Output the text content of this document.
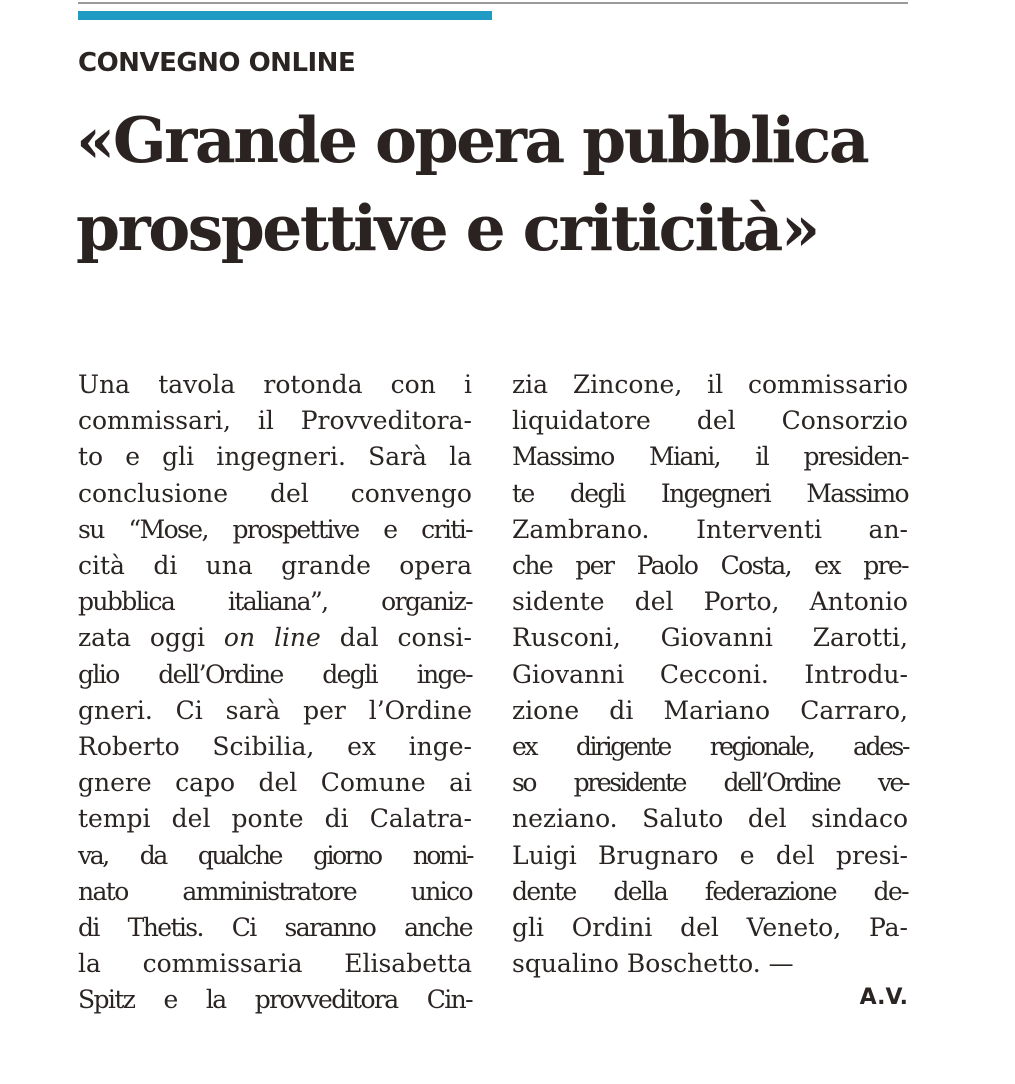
CONVEGNO ONLINE
«Grande opera pubblica
prospettive e criticità»
Una tavola rotonda con i
commissari, il Provveditora-
to e gli ingegneri. Sarà la
conclusione del convengo
su “Mose, prospettive e criti-
cità di una grande opera
pubblica italiana”, organiz-
zata oggi on line dal consi-
glio dell’Ordine degli inge-
gneri. Ci sarà per l’Ordine
Roberto Scibilia, ex inge-
gnere capo del Comune ai
tempi del ponte di Calatra-
va, da qualche giorno nomi-
nato amministratore unico
di Thetis. Ci saranno anche
la commissaria Elisabetta
Spitz e la provveditora Cin-
zia Zincone, il commissario
liquidatore del Consorzio
Massimo Miani, il presiden-
te degli Ingegneri Massimo
Zambrano. Interventi an-
che per Paolo Costa, ex pre-
sidente del Porto, Antonio
Rusconi, Giovanni Zarotti,
Giovanni Cecconi. Introdu-
zione di Mariano Carraro,
ex dirigente regionale, ades-
so presidente dell’Ordine ve-
neziano. Saluto del sindaco
Luigi Brugnaro e del presi-
dente della federazione de-
gli Ordini del Veneto, Pa-
squalino Boschetto. —
A.V.
